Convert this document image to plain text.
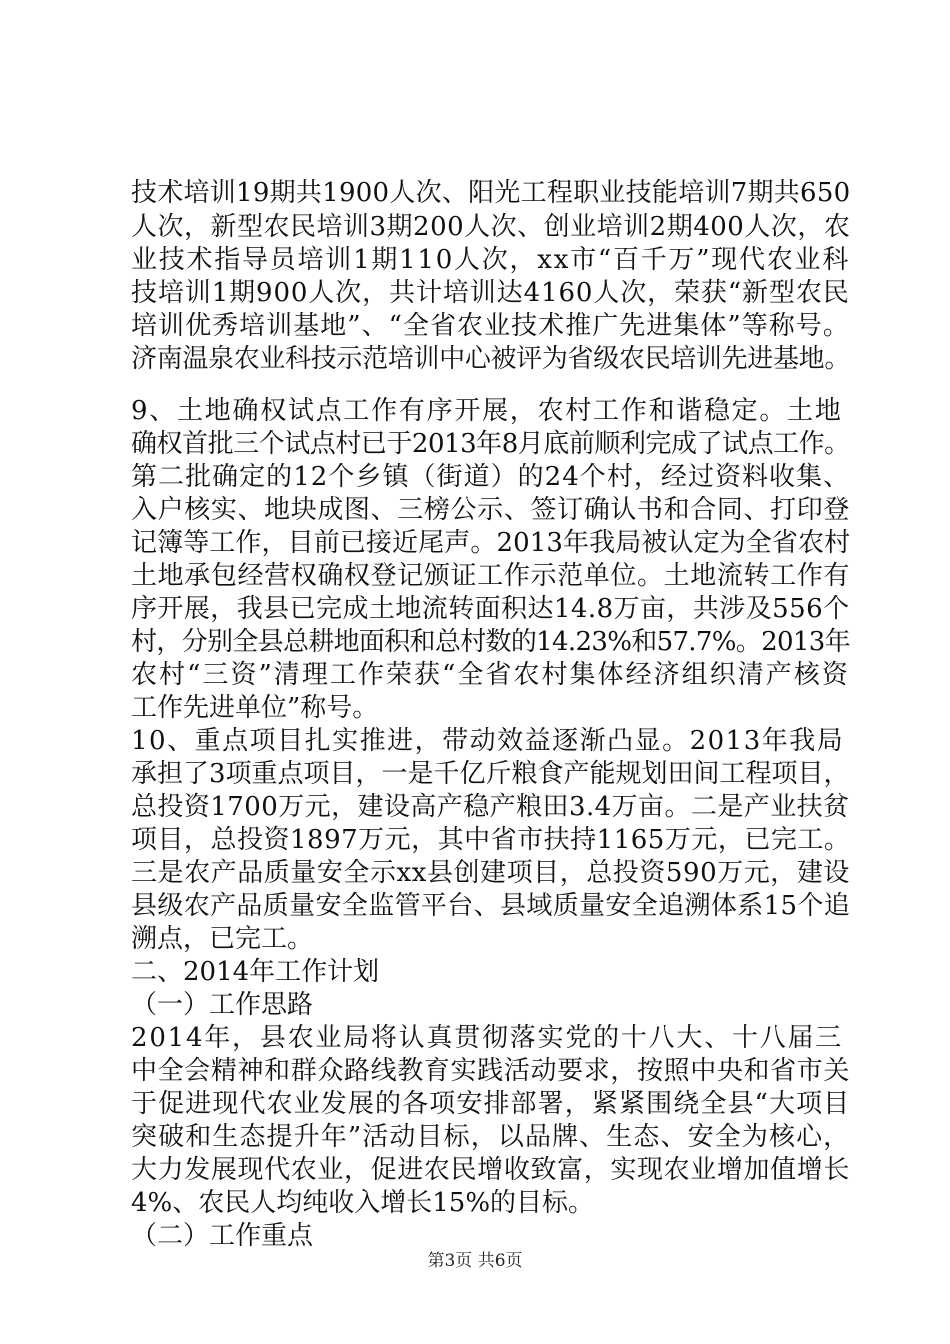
技术培训19期共1900人次、阳光工程职业技能培训7期共650
人次，新型农民培训3期200人次、创业培训2期400人次，农
业技术指导员培训1期110人次，xx市“百千万”现代农业科
技培训1期900人次，共计培训达4160人次，荣获“新型农民
培训优秀培训基地”、“全省农业技术推广先进集体”等称号。
济南温泉农业科技示范培训中心被评为省级农民培训先进基地。
9、土地确权试点工作有序开展，农村工作和谐稳定。土地
确权首批三个试点村已于2013年8月底前顺利完成了试点工作。
第二批确定的12个乡镇（街道）的24个村，经过资料收集、
入户核实、地块成图、三榜公示、签订确认书和合同、打印登
记簿等工作，目前已接近尾声。2013年我局被认定为全省农村
土地承包经营权确权登记颁证工作示范单位。土地流转工作有
序开展，我县已完成土地流转面积达14.8万亩，共涉及556个
村，分别全县总耕地面积和总村数的14.23%和57.7%。2013年
农村“三资”清理工作荣获“全省农村集体经济组织清产核资
工作先进单位”称号。
10、重点项目扎实推进，带动效益逐渐凸显。2013年我局
承担了3项重点项目，一是千亿斤粮食产能规划田间工程项目，
总投资1700万元，建设高产稳产粮田3.4万亩。二是产业扶贫
项目，总投资1897万元，其中省市扶持1165万元，已完工。
三是农产品质量安全示xx县创建项目，总投资590万元，建设
县级农产品质量安全监管平台、县域质量安全追溯体系15个追
溯点，已完工。
二、2014年工作计划
（一）工作思路
2014年，县农业局将认真贯彻落实党的十八大、十八届三
中全会精神和群众路线教育实践活动要求，按照中央和省市关
于促进现代农业发展的各项安排部署，紧紧围绕全县“大项目
突破和生态提升年”活动目标，以品牌、生态、安全为核心，
大力发展现代农业，促进农民增收致富，实现农业增加值增长
4%、农民人均纯收入增长15%的目标。
（二）工作重点
第3页 共6页
